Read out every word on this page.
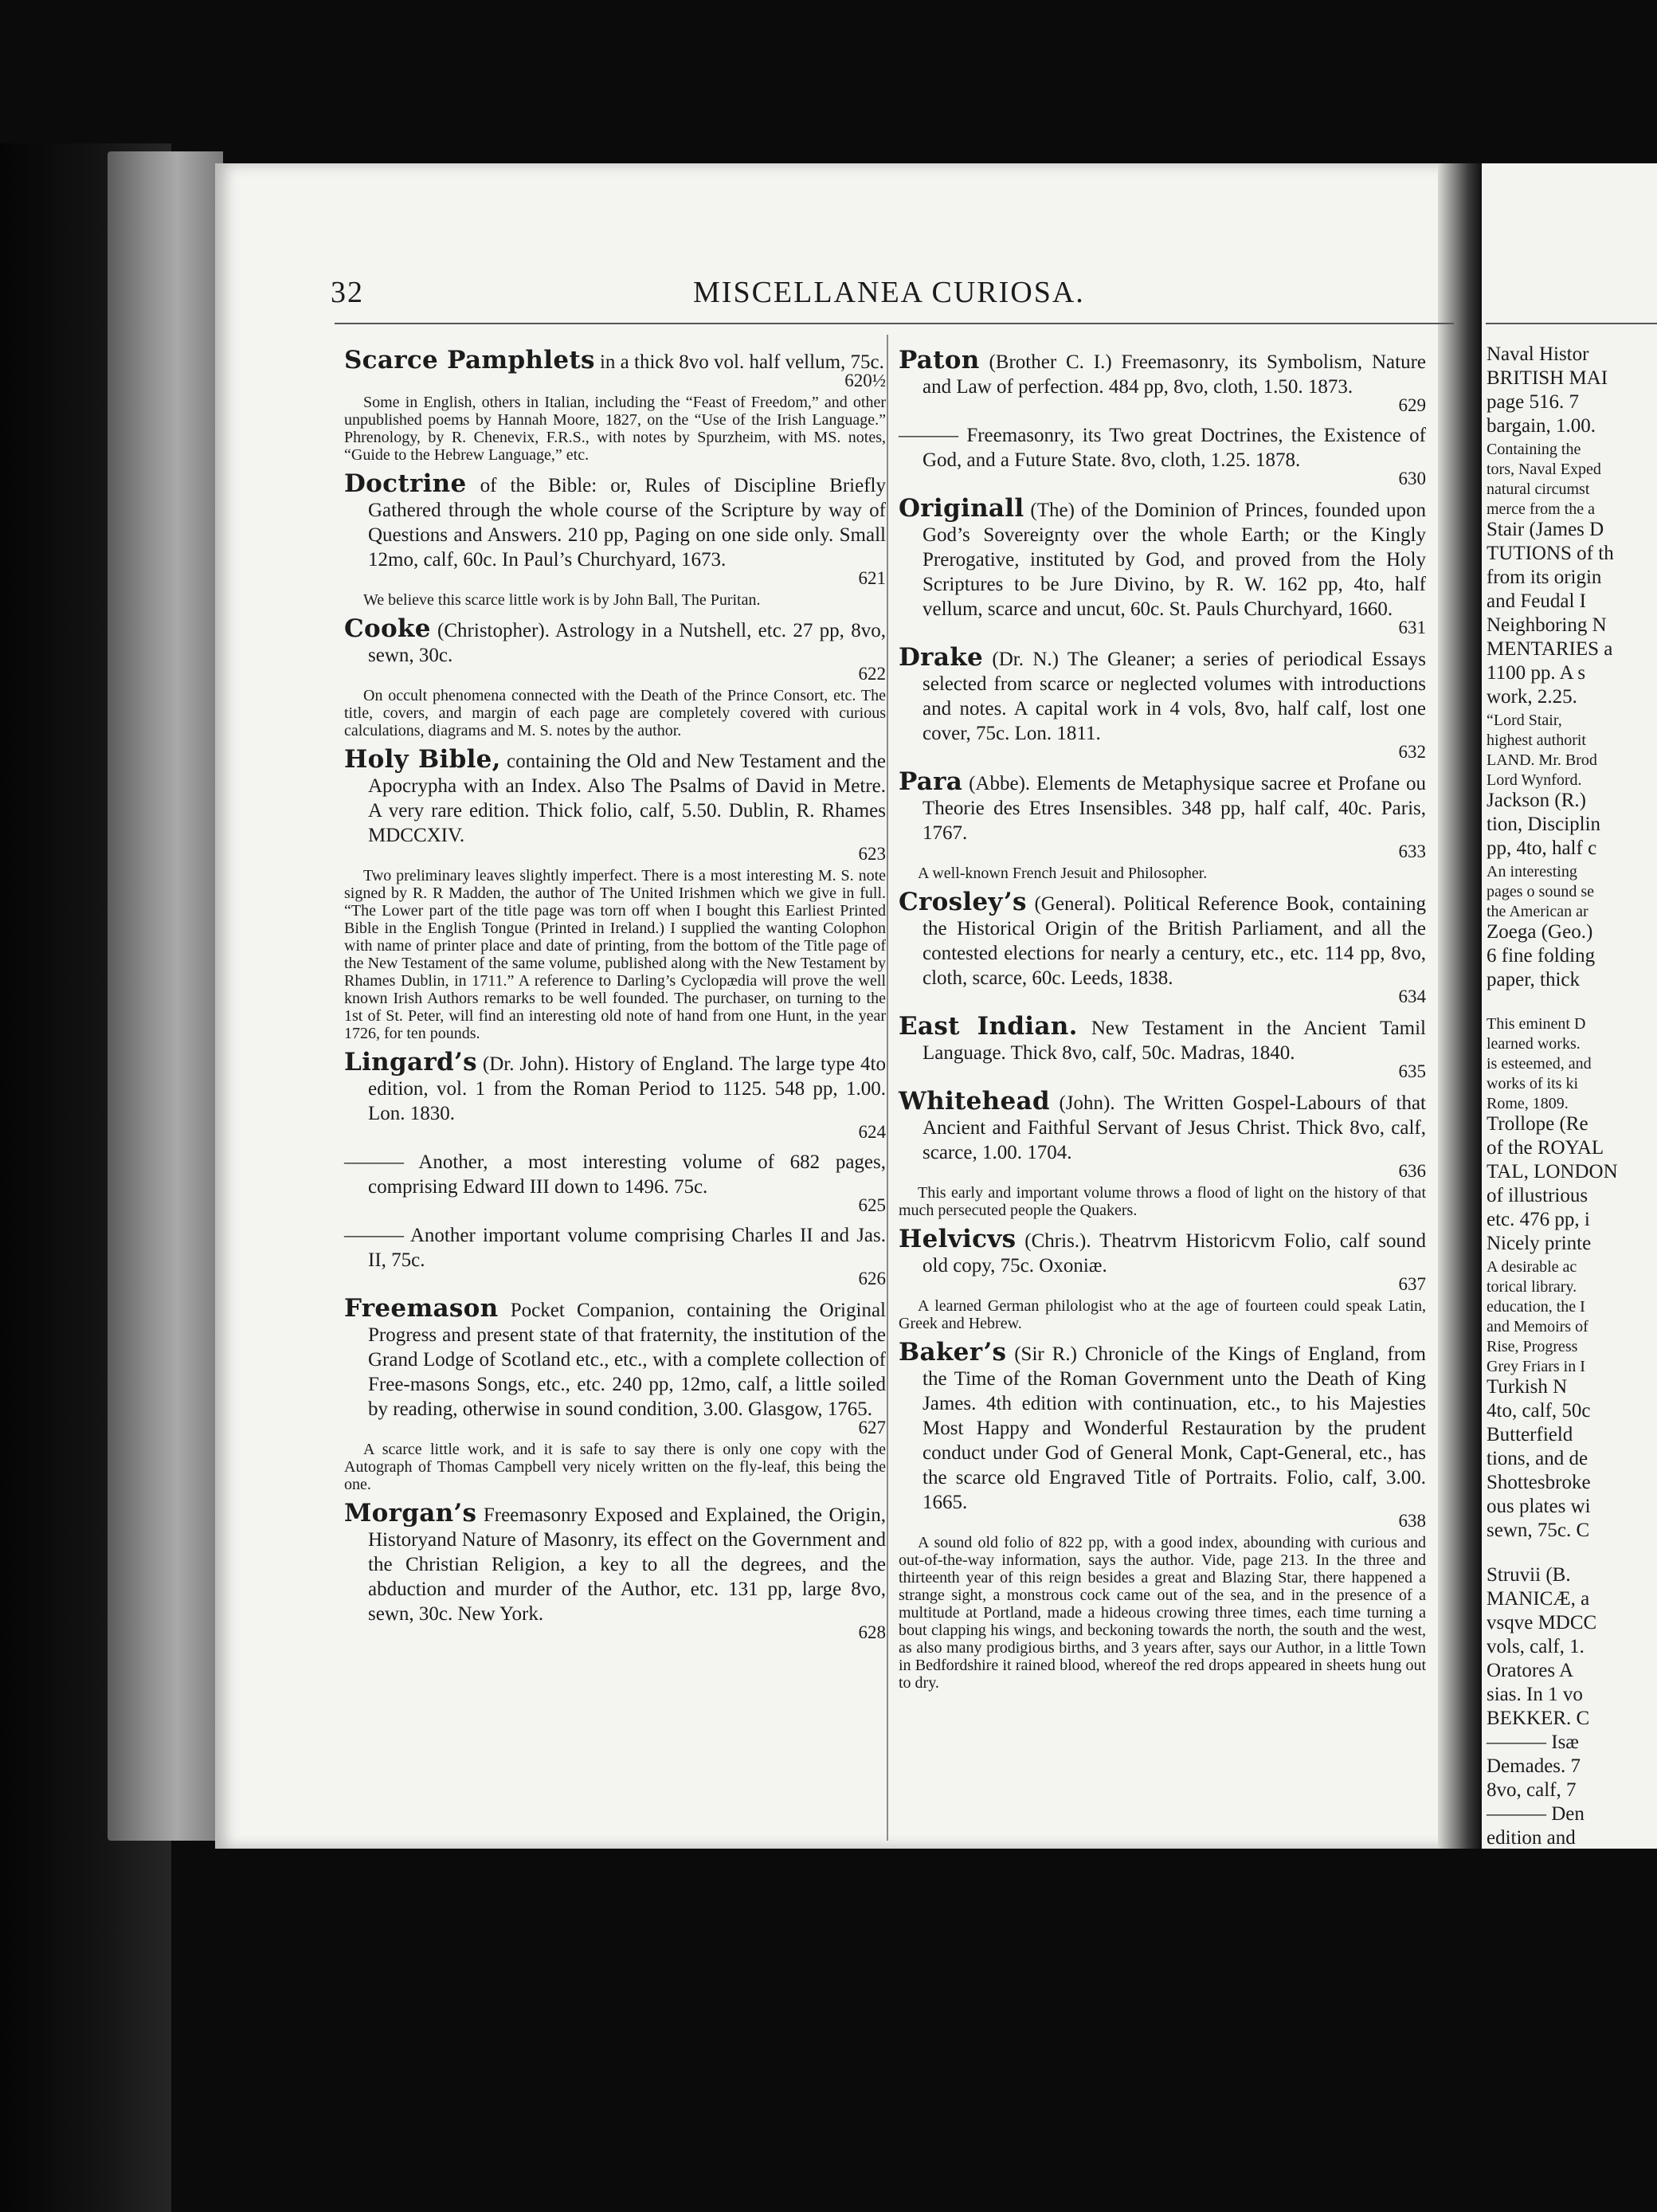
32	MISCELLANEA CURIOSA.
Scarce Pamphlets in a thick 8vo vol. half vellum, 75c.
620½
Some in English, others in Italian, including the “Feast of Freedom,” and other unpublished poems by Hannah Moore, 1827, on the “Use of the Irish Language.” Phrenology, by R. Chenevix, F.R.S., with notes by Spurzheim, with MS. notes, “Guide to the Hebrew Language,” etc.
Doctrine of the Bible: or, Rules of Discipline Briefly Gathered through the whole course of the Scripture by way of Questions and Answers. 210 pp, Paging on one side only. Small 12mo, calf, 60c. In Paul’s Churchyard, 1673.
621
We believe this scarce little work is by John Ball, The Puritan.
Cooke (Christopher). Astrology in a Nutshell, etc. 27 pp, 8vo, sewn, 30c.
622
On occult phenomena connected with the Death of the Prince Consort, etc. The title, covers, and margin of each page are completely covered with curious calculations, diagrams and M. S. notes by the author.
Holy Bible, containing the Old and New Testament and the Apocrypha with an Index. Also The Psalms of David in Metre. A very rare edition. Thick folio, calf, 5.50. Dublin, R. Rhames MDCCXIV.
623
Two preliminary leaves slightly imperfect. There is a most interesting M. S. note signed by R. R Madden, the author of The United Irishmen which we give in full. “The Lower part of the title page was torn off when I bought this Earliest Printed Bible in the English Tongue (Printed in Ireland.) I supplied the wanting Colophon with name of printer place and date of printing, from the bottom of the Title page of the New Testament of the same volume, published along with the New Testament by Rhames Dublin, in 1711.” A reference to Darling’s Cyclopædia will prove the well known Irish Authors remarks to be well founded. The purchaser, on turning to the 1st of St. Peter, will find an interesting old note of hand from one Hunt, in the year 1726, for ten pounds.
Lingard’s (Dr. John). History of England. The large type 4to edition, vol. 1 from the Roman Period to 1125. 548 pp, 1.00. Lon. 1830.
624
——— Another, a most interesting volume of 682 pages, comprising Edward III down to 1496. 75c.
625
——— Another important volume comprising Charles II and Jas. II, 75c.
626
Freemason Pocket Companion, containing the Original Progress and present state of that fraternity, the institution of the Grand Lodge of Scotland etc., etc., with a complete collection of Free-masons Songs, etc., etc. 240 pp, 12mo, calf, a little soiled by reading, otherwise in sound condition, 3.00. Glasgow, 1765.
627
A scarce little work, and it is safe to say there is only one copy with the Autograph of Thomas Campbell very nicely written on the fly-leaf, this being the one.
Morgan’s Freemasonry Exposed and Explained, the Origin, Historyand Nature of Masonry, its effect on the Government and the Christian Religion, a key to all the degrees, and the abduction and murder of the Author, etc. 131 pp, large 8vo, sewn, 30c. New York.
628
Paton (Brother C. I.) Freemasonry, its Symbolism, Nature and Law of perfection. 484 pp, 8vo, cloth, 1.50. 1873.
629
——— Freemasonry, its Two great Doctrines, the Existence of God, and a Future State. 8vo, cloth, 1.25. 1878.
630
Originall (The) of the Dominion of Princes, founded upon God’s Sovereignty over the whole Earth; or the Kingly Prerogative, instituted by God, and proved from the Holy Scriptures to be Jure Divino, by R. W. 162 pp, 4to, half vellum, scarce and uncut, 60c. St. Pauls Churchyard, 1660.
631
Drake (Dr. N.) The Gleaner; a series of periodical Essays selected from scarce or neglected volumes with introductions and notes. A capital work in 4 vols, 8vo, half calf, lost one cover, 75c. Lon. 1811.
632
Para (Abbe). Elements de Metaphysique sacree et Profane ou Theorie des Etres Insensibles. 348 pp, half calf, 40c. Paris, 1767.
633
A well-known French Jesuit and Philosopher.
Crosley’s (General). Political Reference Book, containing the Historical Origin of the British Parliament, and all the contested elections for nearly a century, etc., etc. 114 pp, 8vo, cloth, scarce, 60c. Leeds, 1838.
634
East Indian. New Testament in the Ancient Tamil Language. Thick 8vo, calf, 50c. Madras, 1840.
635
Whitehead (John). The Written Gospel-Labours of that Ancient and Faithful Servant of Jesus Christ. Thick 8vo, calf, scarce, 1.00. 1704.
636
This early and important volume throws a flood of light on the history of that much persecuted people the Quakers.
Helvicvs (Chris.). Theatrvm Historicvm Folio, calf sound old copy, 75c. Oxoniæ.
637
A learned German philologist who at the age of fourteen could speak Latin, Greek and Hebrew.
Baker’s (Sir R.) Chronicle of the Kings of England, from the Time of the Roman Government unto the Death of King James. 4th edition with continuation, etc., to his Majesties Most Happy and Wonderful Restauration by the prudent conduct under God of General Monk, Capt-General, etc., has the scarce old Engraved Title of Portraits. Folio, calf, 3.00. 1665.
638
A sound old folio of 822 pp, with a good index, abounding with curious and out-of-the-way information, says the author. Vide, page 213. In the three and thirteenth year of this reign besides a great and Blazing Star, there happened a strange sight, a monstrous cock came out of the sea, and in the presence of a multitude at Portland, made a hideous crowing three times, each time turning a bout clapping his wings, and beckoning towards the north, the south and the west, as also many prodigious births, and 3 years after, says our Author, in a little Town in Bedfordshire it rained blood, whereof the red drops appeared in sheets hung out to dry.
Naval Histor
BRITISH MAI
page 516. 7
bargain, 1.00.
Containing the
tors, Naval Exped
natural circumst
merce from the a
Stair (James D
TUTIONS of th
from its origin
and Feudal I
Neighboring N
MENTARIES a
1100 pp. A s
work, 2.25.
“Lord Stair,
highest authorit
LAND. Mr. Brod
Lord Wynford.
Jackson (R.)
tion, Disciplin
pp, 4to, half c
An interesting
pages o sound se
the American ar
Zoega (Geo.)
6 fine folding
paper, thick
This eminent D
learned works.
is esteemed, and
works of its ki
Rome, 1809.
Trollope (Re
of the ROYAL
TAL, LONDON
of illustrious
etc. 476 pp, i
Nicely printe
A desirable ac
torical library.
education, the I
and Memoirs of
Rise, Progress
Grey Friars in I
Turkish N
4to, calf, 50c
Butterfield
tions, and de
Shottesbroke
ous plates wi
sewn, 75c. C
Struvii (B.
MANICÆ, a
vsqve MDCC
vols, calf, 1.
Oratores A
sias. In 1 vo
BEKKER. C
——— Isæ
Demades. 7
8vo, calf, 7
——— Den
edition and
